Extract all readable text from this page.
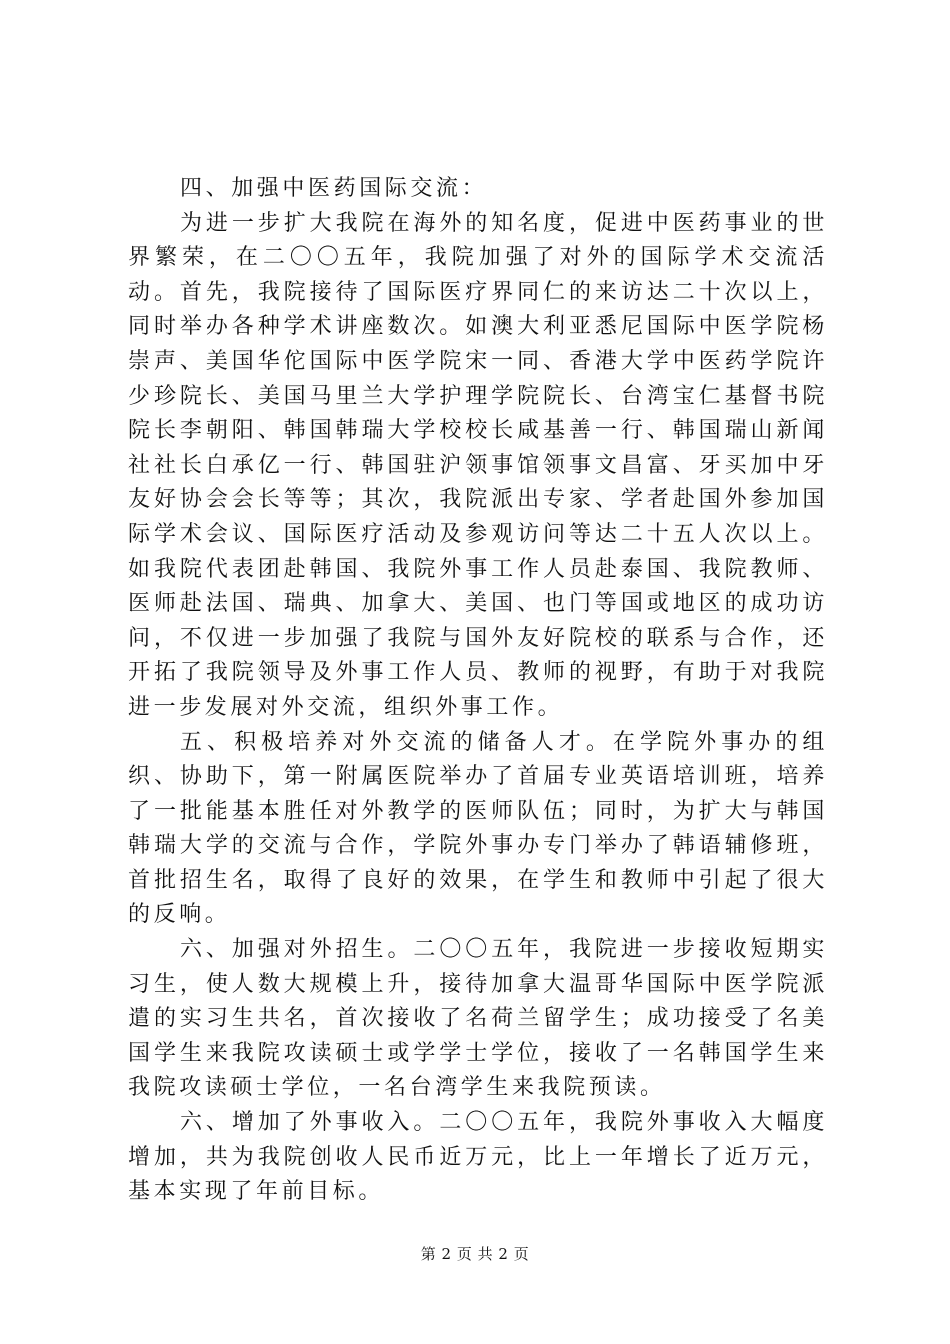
四、加强中医药国际交流：

为进一步扩大我院在海外的知名度，促进中医药事业的世界繁荣，在二〇〇五年，我院加强了对外的国际学术交流活动。首先，我院接待了国际医疗界同仁的来访达二十次以上，同时举办各种学术讲座数次。如澳大利亚悉尼国际中医学院杨崇声、美国华佗国际中医学院宋一同、香港大学中医药学院许少珍院长、美国马里兰大学护理学院院长、台湾宝仁基督书院院长李朝阳、韩国韩瑞大学校校长咸基善一行、韩国瑞山新闻社社长白承亿一行、韩国驻沪领事馆领事文昌富、牙买加中牙友好协会会长等等；其次，我院派出专家、学者赴国外参加国际学术会议、国际医疗活动及参观访问等达二十五人次以上。如我院代表团赴韩国、我院外事工作人员赴泰国、我院教师、医师赴法国、瑞典、加拿大、美国、也门等国或地区的成功访问，不仅进一步加强了我院与国外友好院校的联系与合作，还开拓了我院领导及外事工作人员、教师的视野，有助于对我院进一步发展对外交流，组织外事工作。

五、积极培养对外交流的储备人才。在学院外事办的组织、协助下，第一附属医院举办了首届专业英语培训班，培养了一批能基本胜任对外教学的医师队伍；同时，为扩大与韩国韩瑞大学的交流与合作，学院外事办专门举办了韩语辅修班，首批招生名，取得了良好的效果，在学生和教师中引起了很大的反响。

六、加强对外招生。二〇〇五年，我院进一步接收短期实习生，使人数大规模上升，接待加拿大温哥华国际中医学院派遣的实习生共名，首次接收了名荷兰留学生；成功接受了名美国学生来我院攻读硕士或学学士学位，接收了一名韩国学生来我院攻读硕士学位，一名台湾学生来我院预读。

六、增加了外事收入。二〇〇五年，我院外事收入大幅度增加，共为我院创收人民币近万元，比上一年增长了近万元，基本实现了年前目标。

第 2 页 共 2 页
